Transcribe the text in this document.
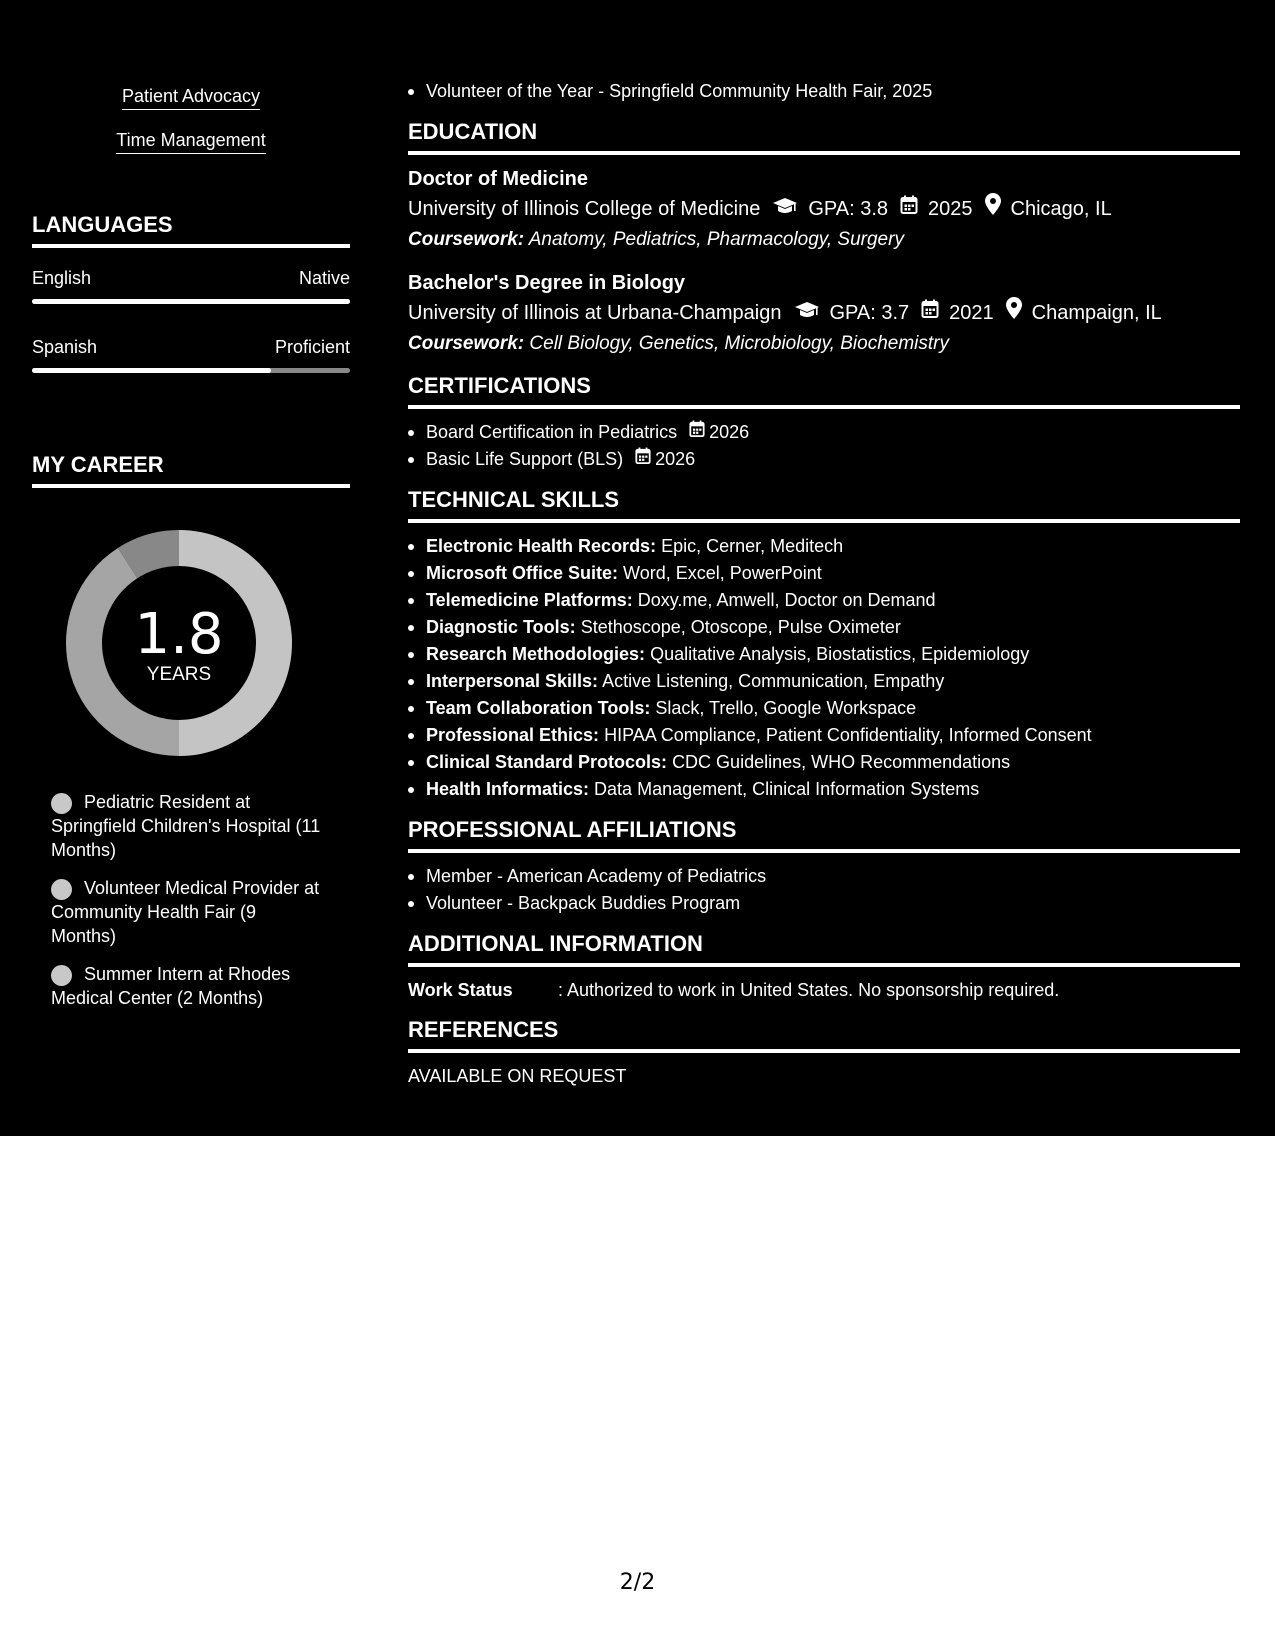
Patient Advocacy
Time Management
LANGUAGES
English	Native
Spanish	Proficient
MY CAREER
1.8
YEARS
Pediatric Resident at Springfield Children's Hospital (11 Months)
Volunteer Medical Provider at Community Health Fair (9 Months)
Summer Intern at Rhodes Medical Center (2 Months)
Volunteer of the Year - Springfield Community Health Fair, 2025
EDUCATION
Doctor of Medicine
University of Illinois College of Medicine GPA: 3.8 2025 Chicago, IL
Coursework: Anatomy, Pediatrics, Pharmacology, Surgery
Bachelor's Degree in Biology
University of Illinois at Urbana-Champaign GPA: 3.7 2021 Champaign, IL
Coursework: Cell Biology, Genetics, Microbiology, Biochemistry
CERTIFICATIONS
Board Certification in Pediatrics 2026
Basic Life Support (BLS) 2026
TECHNICAL SKILLS
Electronic Health Records: Epic, Cerner, Meditech
Microsoft Office Suite: Word, Excel, PowerPoint
Telemedicine Platforms: Doxy.me, Amwell, Doctor on Demand
Diagnostic Tools: Stethoscope, Otoscope, Pulse Oximeter
Research Methodologies: Qualitative Analysis, Biostatistics, Epidemiology
Interpersonal Skills: Active Listening, Communication, Empathy
Team Collaboration Tools: Slack, Trello, Google Workspace
Professional Ethics: HIPAA Compliance, Patient Confidentiality, Informed Consent
Clinical Standard Protocols: CDC Guidelines, WHO Recommendations
Health Informatics: Data Management, Clinical Information Systems
PROFESSIONAL AFFILIATIONS
Member - American Academy of Pediatrics
Volunteer - Backpack Buddies Program
ADDITIONAL INFORMATION
Work Status	: Authorized to work in United States. No sponsorship required.
REFERENCES
AVAILABLE ON REQUEST
2/2
